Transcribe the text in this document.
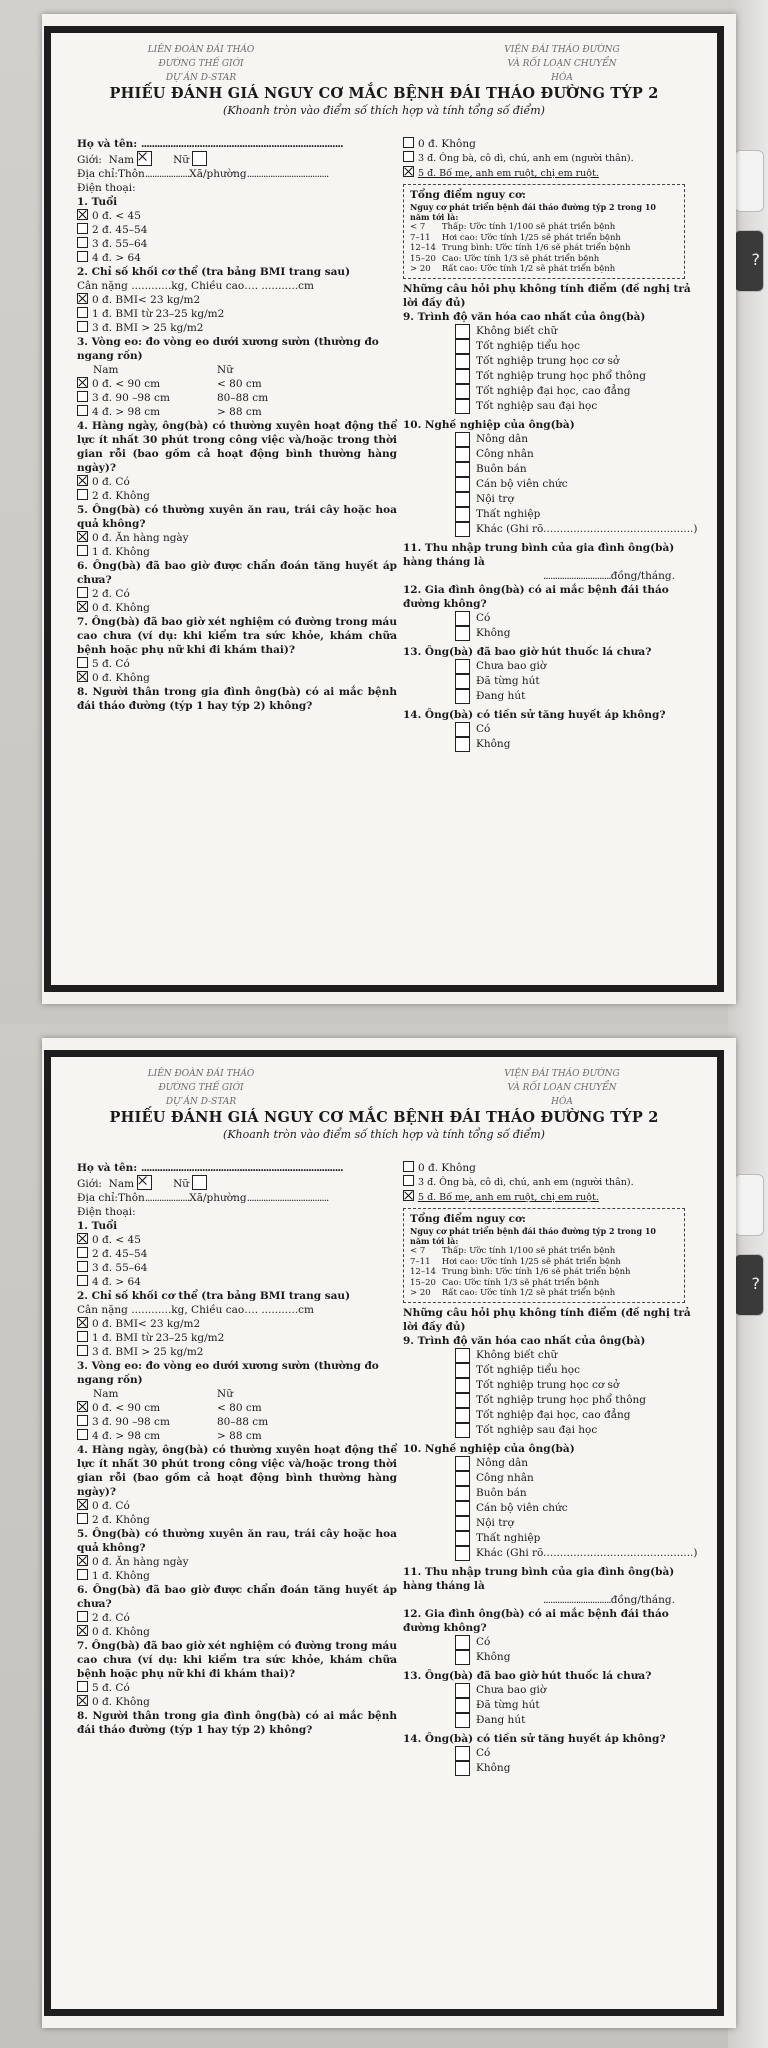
?
LIÊN ĐOÀN ĐÁI THÁO ĐƯỜNG THẾ GIỚI
DỰ ÁN D-STAR
VIỆN ĐÁI THÁO ĐƯỜNG
VÀ RỐI LOẠN CHUYỂN HÓA
PHIẾU ĐÁNH GIÁ NGUY CƠ MẮC BỆNH ĐÁI THÁO ĐƯỜNG TÝP 2
(Khoanh tròn vào điểm số thích hợp và tính tổng số điểm)
Họ và tên: ............................................................................
Giới: Nam	Nữ
Địa chỉ:Thôn...................Xã/phường...................................
Điện thoại:
1. Tuổi
0 đ. < 45
2 đ. 45–54
3 đ. 55–64
4 đ. > 64
2. Chỉ số khối cơ thể (tra bảng BMI trang sau)
Cân nặng ............kg, Chiều cao…. ...........cm
0 đ. BMI< 23 kg/m2
1 đ. BMI từ 23–25 kg/m2
3 đ. BMI > 25 kg/m2
3. Vòng eo: đo vòng eo dưới xương sườn (thường đo ngang rốn)
Nam	Nữ
0 đ. < 90 cm	< 80 cm
3 đ. 90 –98 cm	80–88 cm
4 đ. > 98 cm	> 88 cm
4. Hàng ngày, ông(bà) có thường xuyên hoạt động thể lực ít nhất 30 phút trong công việc và/hoặc trong thời gian rỗi (bao gồm cả hoạt động bình thường hàng ngày)?
0 đ. Có
2 đ. Không
5. Ông(bà) có thường xuyên ăn rau, trái cây hoặc hoa quả không?
0 đ. Ăn hàng ngày
1 đ. Không
6. Ông(bà) đã bao giờ được chẩn đoán tăng huyết áp chưa?
2 đ. Có
0 đ. Không
7. Ông(bà) đã bao giờ xét nghiệm có đường trong máu cao chưa (ví dụ: khi kiểm tra sức khỏe, khám chữa bệnh hoặc phụ nữ khi đi khám thai)?
5 đ. Có
0 đ. Không
8. Người thân trong gia đình ông(bà) có ai mắc bệnh đái tháo đường (týp 1 hay týp 2) không?
0 đ. Không
3 đ. Ông bà, cô dì, chú, anh em (người thân).
5 đ. Bố mẹ, anh em ruột, chị em ruột.
Tổng điểm nguy cơ:
Nguy cơ phát triển bệnh đái tháo đường týp 2 trong 10 năm tới là:
< 7	Thấp: Ước tính 1/100 sẽ phát triển bệnh
7–11	Hơi cao: Ước tính 1/25 sẽ phát triển bệnh
12–14	Trung bình: Ước tính 1/6 sẽ phát triển bệnh
15–20	Cao: Ước tính 1/3 sẽ phát triển bệnh
> 20	Rất cao: Ước tính 1/2 sẽ phát triển bệnh
Những câu hỏi phụ không tính điểm (đề nghị trả lời đầy đủ)
9. Trình độ văn hóa cao nhất của ông(bà)
Không biết chữ
Tốt nghiệp tiểu học
Tốt nghiệp trung học cơ sở
Tốt nghiệp trung học phổ thông
Tốt nghiệp đại học, cao đẳng
Tốt nghiệp sau đại học
10. Nghề nghiệp của ông(bà)
Nông dân
Công nhân
Buôn bán
Cán bộ viên chức
Nội trợ
Thất nghiệp
Khác (Ghi rõ.............................................)
11. Thu nhập trung bình của gia đình ông(bà) hàng tháng là
.............................đồng/tháng.
12. Gia đình ông(bà) có ai mắc bệnh đái tháo đường không?
Có
Không
13. Ông(bà) đã bao giờ hút thuốc lá chưa?
Chưa bao giờ
Đã từng hút
Đang hút
14. Ông(bà) có tiền sử tăng huyết áp không?
Có
Không
?
LIÊN ĐOÀN ĐÁI THÁO ĐƯỜNG THẾ GIỚI
DỰ ÁN D-STAR
VIỆN ĐÁI THÁO ĐƯỜNG
VÀ RỐI LOẠN CHUYỂN HÓA
PHIẾU ĐÁNH GIÁ NGUY CƠ MẮC BỆNH ĐÁI THÁO ĐƯỜNG TÝP 2
(Khoanh tròn vào điểm số thích hợp và tính tổng số điểm)
Họ và tên: ............................................................................
Giới: Nam	Nữ
Địa chỉ:Thôn...................Xã/phường...................................
Điện thoại:
1. Tuổi
0 đ. < 45
2 đ. 45–54
3 đ. 55–64
4 đ. > 64
2. Chỉ số khối cơ thể (tra bảng BMI trang sau)
Cân nặng ............kg, Chiều cao…. ...........cm
0 đ. BMI< 23 kg/m2
1 đ. BMI từ 23–25 kg/m2
3 đ. BMI > 25 kg/m2
3. Vòng eo: đo vòng eo dưới xương sườn (thường đo ngang rốn)
Nam	Nữ
0 đ. < 90 cm	< 80 cm
3 đ. 90 –98 cm	80–88 cm
4 đ. > 98 cm	> 88 cm
4. Hàng ngày, ông(bà) có thường xuyên hoạt động thể lực ít nhất 30 phút trong công việc và/hoặc trong thời gian rỗi (bao gồm cả hoạt động bình thường hàng ngày)?
0 đ. Có
2 đ. Không
5. Ông(bà) có thường xuyên ăn rau, trái cây hoặc hoa quả không?
0 đ. Ăn hàng ngày
1 đ. Không
6. Ông(bà) đã bao giờ được chẩn đoán tăng huyết áp chưa?
2 đ. Có
0 đ. Không
7. Ông(bà) đã bao giờ xét nghiệm có đường trong máu cao chưa (ví dụ: khi kiểm tra sức khỏe, khám chữa bệnh hoặc phụ nữ khi đi khám thai)?
5 đ. Có
0 đ. Không
8. Người thân trong gia đình ông(bà) có ai mắc bệnh đái tháo đường (týp 1 hay týp 2) không?
0 đ. Không
3 đ. Ông bà, cô dì, chú, anh em (người thân).
5 đ. Bố mẹ, anh em ruột, chị em ruột.
Tổng điểm nguy cơ:
Nguy cơ phát triển bệnh đái tháo đường týp 2 trong 10 năm tới là:
< 7	Thấp: Ước tính 1/100 sẽ phát triển bệnh
7–11	Hơi cao: Ước tính 1/25 sẽ phát triển bệnh
12–14	Trung bình: Ước tính 1/6 sẽ phát triển bệnh
15–20	Cao: Ước tính 1/3 sẽ phát triển bệnh
> 20	Rất cao: Ước tính 1/2 sẽ phát triển bệnh
Những câu hỏi phụ không tính điểm (đề nghị trả lời đầy đủ)
9. Trình độ văn hóa cao nhất của ông(bà)
Không biết chữ
Tốt nghiệp tiểu học
Tốt nghiệp trung học cơ sở
Tốt nghiệp trung học phổ thông
Tốt nghiệp đại học, cao đẳng
Tốt nghiệp sau đại học
10. Nghề nghiệp của ông(bà)
Nông dân
Công nhân
Buôn bán
Cán bộ viên chức
Nội trợ
Thất nghiệp
Khác (Ghi rõ.............................................)
11. Thu nhập trung bình của gia đình ông(bà) hàng tháng là
.............................đồng/tháng.
12. Gia đình ông(bà) có ai mắc bệnh đái tháo đường không?
Có
Không
13. Ông(bà) đã bao giờ hút thuốc lá chưa?
Chưa bao giờ
Đã từng hút
Đang hút
14. Ông(bà) có tiền sử tăng huyết áp không?
Có
Không
